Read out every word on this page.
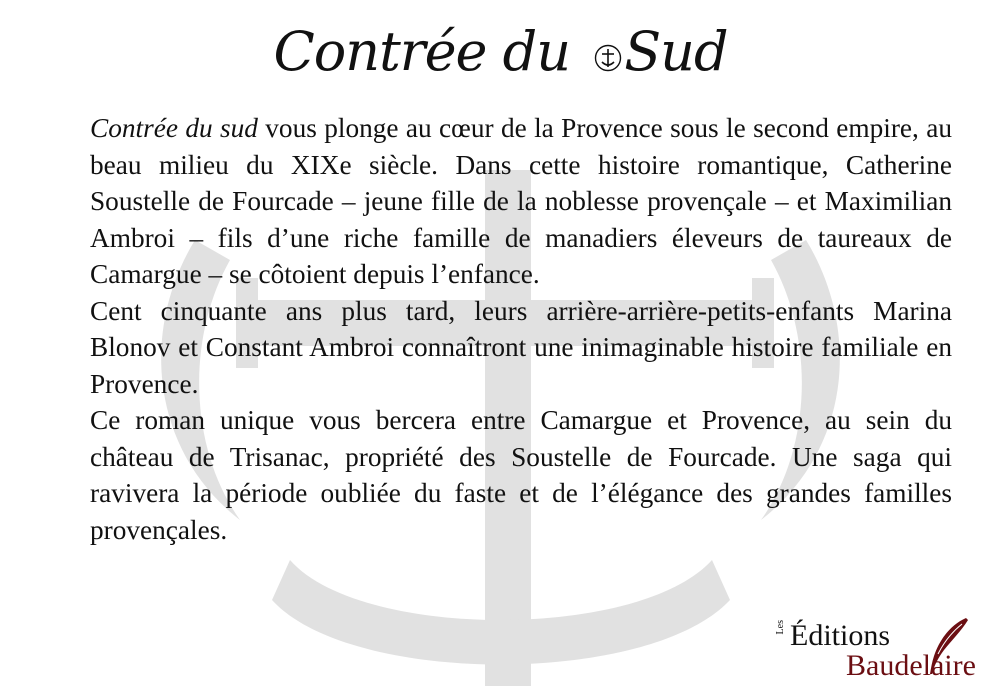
Contrée du Sud

Contrée du sud vous plonge au cœur de la Provence sous le second empire, au beau milieu du XIXe siècle. Dans cette histoire romantique, Catherine Soustelle de Fourcade – jeune fille de la noblesse provençale – et Maximilian Ambroi – fils d’une riche famille de manadiers éleveurs de taureaux de Camargue – se côtoient depuis l’enfance.

Cent cinquante ans plus tard, leurs arrière-arrière-petits-enfants Marina Blonov et Constant Ambroi connaîtront une inimaginable histoire familiale en Provence.

Ce roman unique vous bercera entre Camargue et Provence, au sein du château de Trisanac, propriété des Soustelle de Fourcade. Une saga qui ravivera la période oubliée du faste et de l’élégance des grandes familles provençales.

Les Éditions
Baudelaire
